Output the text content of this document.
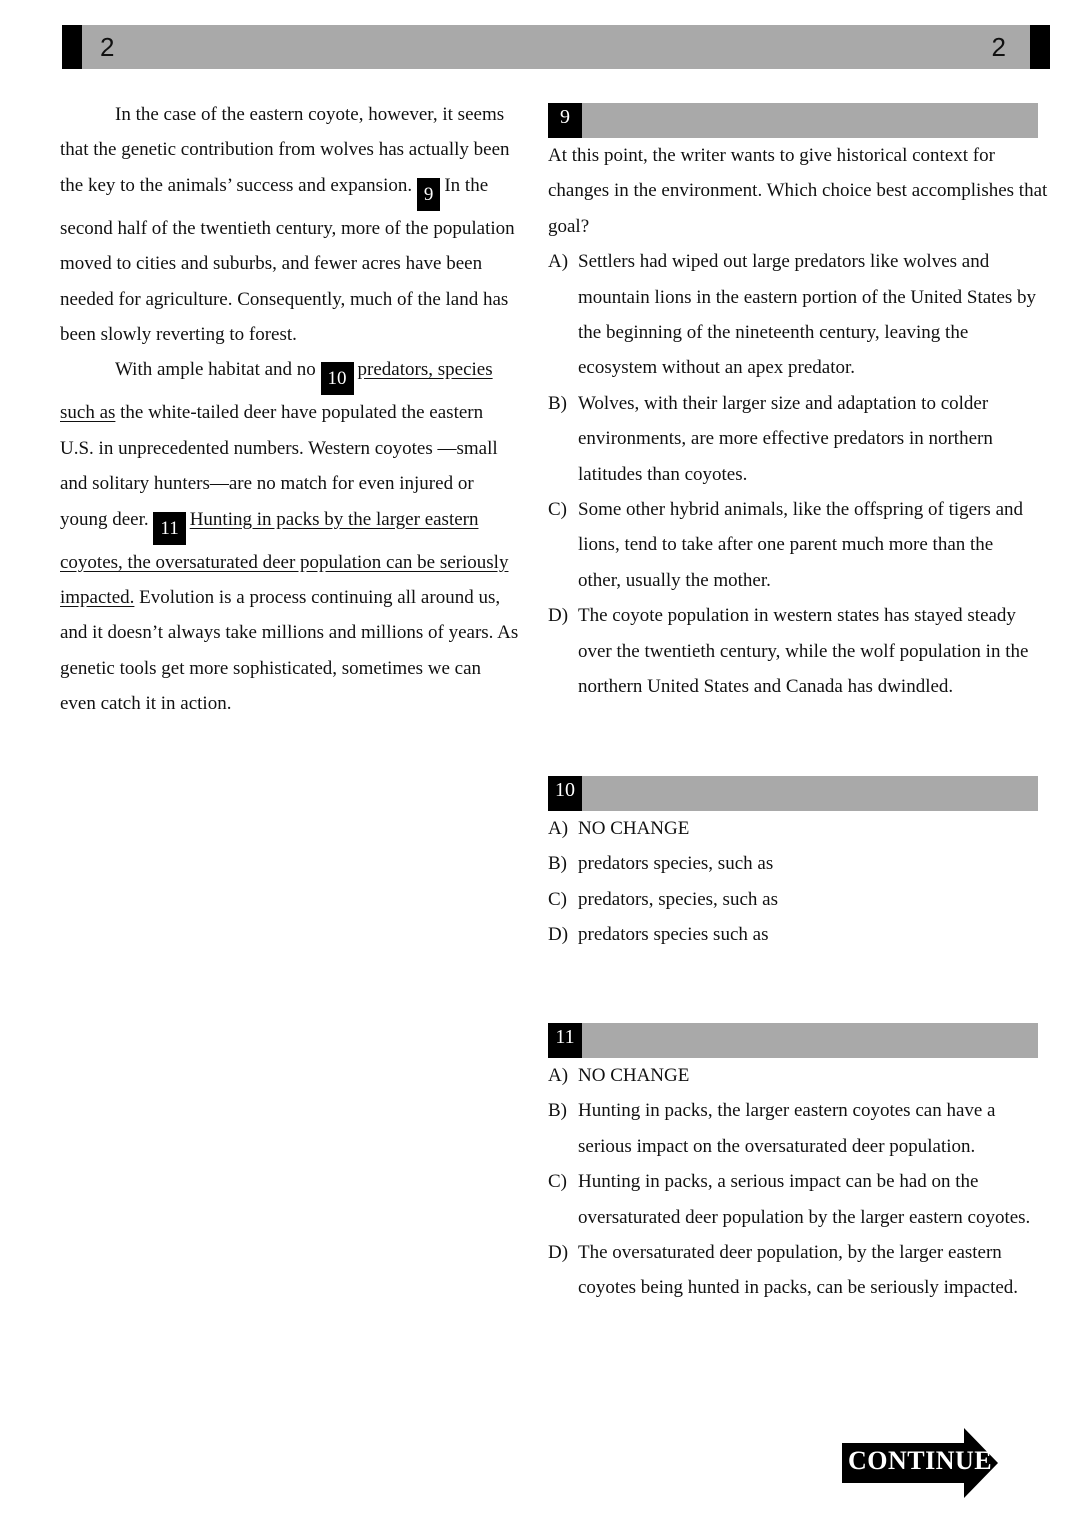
2	2

In the case of the eastern coyote, however, it seems that the genetic contribution from wolves has actually been the key to the animals’ success and expansion. 9 In the second half of the twentieth century, more of the population moved to cities and suburbs, and fewer acres have been needed for agriculture. Consequently, much of the land has been slowly reverting to forest.

With ample habitat and no 10 predators, species such as the white-tailed deer have populated the eastern U.S. in unprecedented numbers. Western coyotes —small and solitary hunters—are no match for even injured or young deer. 11 Hunting in packs by the larger eastern coyotes, the oversaturated deer population can be seriously impacted. Evolution is a process continuing all around us, and it doesn’t always take millions and millions of years. As genetic tools get more sophisticated, sometimes we can even catch it in action.

9

At this point, the writer wants to give historical context for changes in the environment. Which choice best accomplishes that goal?

A) Settlers had wiped out large predators like wolves and mountain lions in the eastern portion of the United States by the beginning of the nineteenth century, leaving the ecosystem without an apex predator.
B) Wolves, with their larger size and adaptation to colder environments, are more effective predators in northern latitudes than coyotes.
C) Some other hybrid animals, like the offspring of tigers and lions, tend to take after one parent much more than the other, usually the mother.
D) The coyote population in western states has stayed steady over the twentieth century, while the wolf population in the northern United States and Canada has dwindled.
10
A) NO CHANGE
B) predators species, such as
C) predators, species, such as
D) predators species such as
11
A) NO CHANGE
B) Hunting in packs, the larger eastern coyotes can have a serious impact on the oversaturated deer population.
C) Hunting in packs, a serious impact can be had on the oversaturated deer population by the larger eastern coyotes.
D) The oversaturated deer population, by the larger eastern coyotes being hunted in packs, can be seriously impacted.
CONTINUE
